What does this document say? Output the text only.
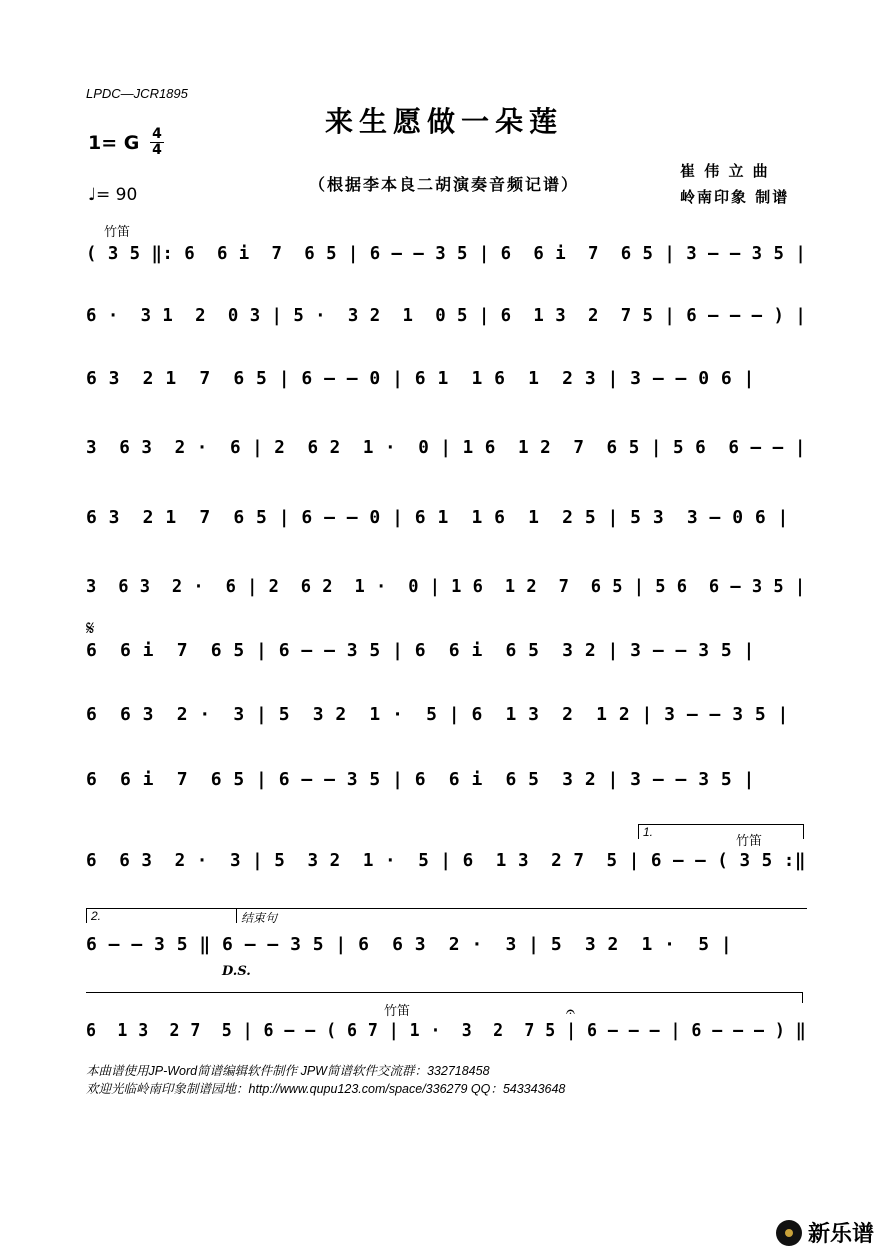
LPDC—JCR1895
来生愿做一朵莲
1= G 4
4
♩= 90
（根据李本良二胡演奏音频记谱）
崔 伟 立 曲
岭南印象 制谱
竹笛
竹笛
竹笛
𝄋
D.S.
1.
2.	结束句
𝄐
( 3 5 ‖: 6  6 i  7  6 5 | 6 – – 3 5 | 6  6 i  7  6 5 | 3 – – 3 5 |
6 ·  3 1  2  0 3 | 5 ·  3 2  1  0 5 | 6  1 3  2  7 5 | 6 – – – ) |
6 3  2 1  7  6 5 | 6 – – 0 | 6 1  1 6  1  2 3 | 3 – – 0 6 |
3  6 3  2 ·  6 | 2  6 2  1 ·  0 | 1 6  1 2  7  6 5 | 5 6  6 – – |
6 3  2 1  7  6 5 | 6 – – 0 | 6 1  1 6  1  2 5 | 5 3  3 – 0 6 |
3  6 3  2 ·  6 | 2  6 2  1 ·  0 | 1 6  1 2  7  6 5 | 5 6  6 – 3 5 |
6  6 i  7  6 5 | 6 – – 3 5 | 6  6 i  6 5  3 2 | 3 – – 3 5 |
6  6 3  2 ·  3 | 5  3 2  1 ·  5 | 6  1 3  2  1 2 | 3 – – 3 5 |
6  6 i  7  6 5 | 6 – – 3 5 | 6  6 i  6 5  3 2 | 3 – – 3 5 |
6  6 3  2 ·  3 | 5  3 2  1 ·  5 | 6  1 3  2 7  5 | 6 – – ( 3 5 :‖
6 – – 3 5 ‖ 6 – – 3 5 | 6  6 3  2 ·  3 | 5  3 2  1 ·  5 |
6  1 3  2 7  5 | 6 – – ( 6 7 | 1 ·  3  2  7 5 | 6 – – – | 6 – – – ) ‖
本曲谱使用JP-Word简谱编辑软件制作 JPW简谱软件交流群：332718458
欢迎光临岭南印象制谱园地：http://www.qupu123.com/space/336279 QQ：543343648
新乐谱
